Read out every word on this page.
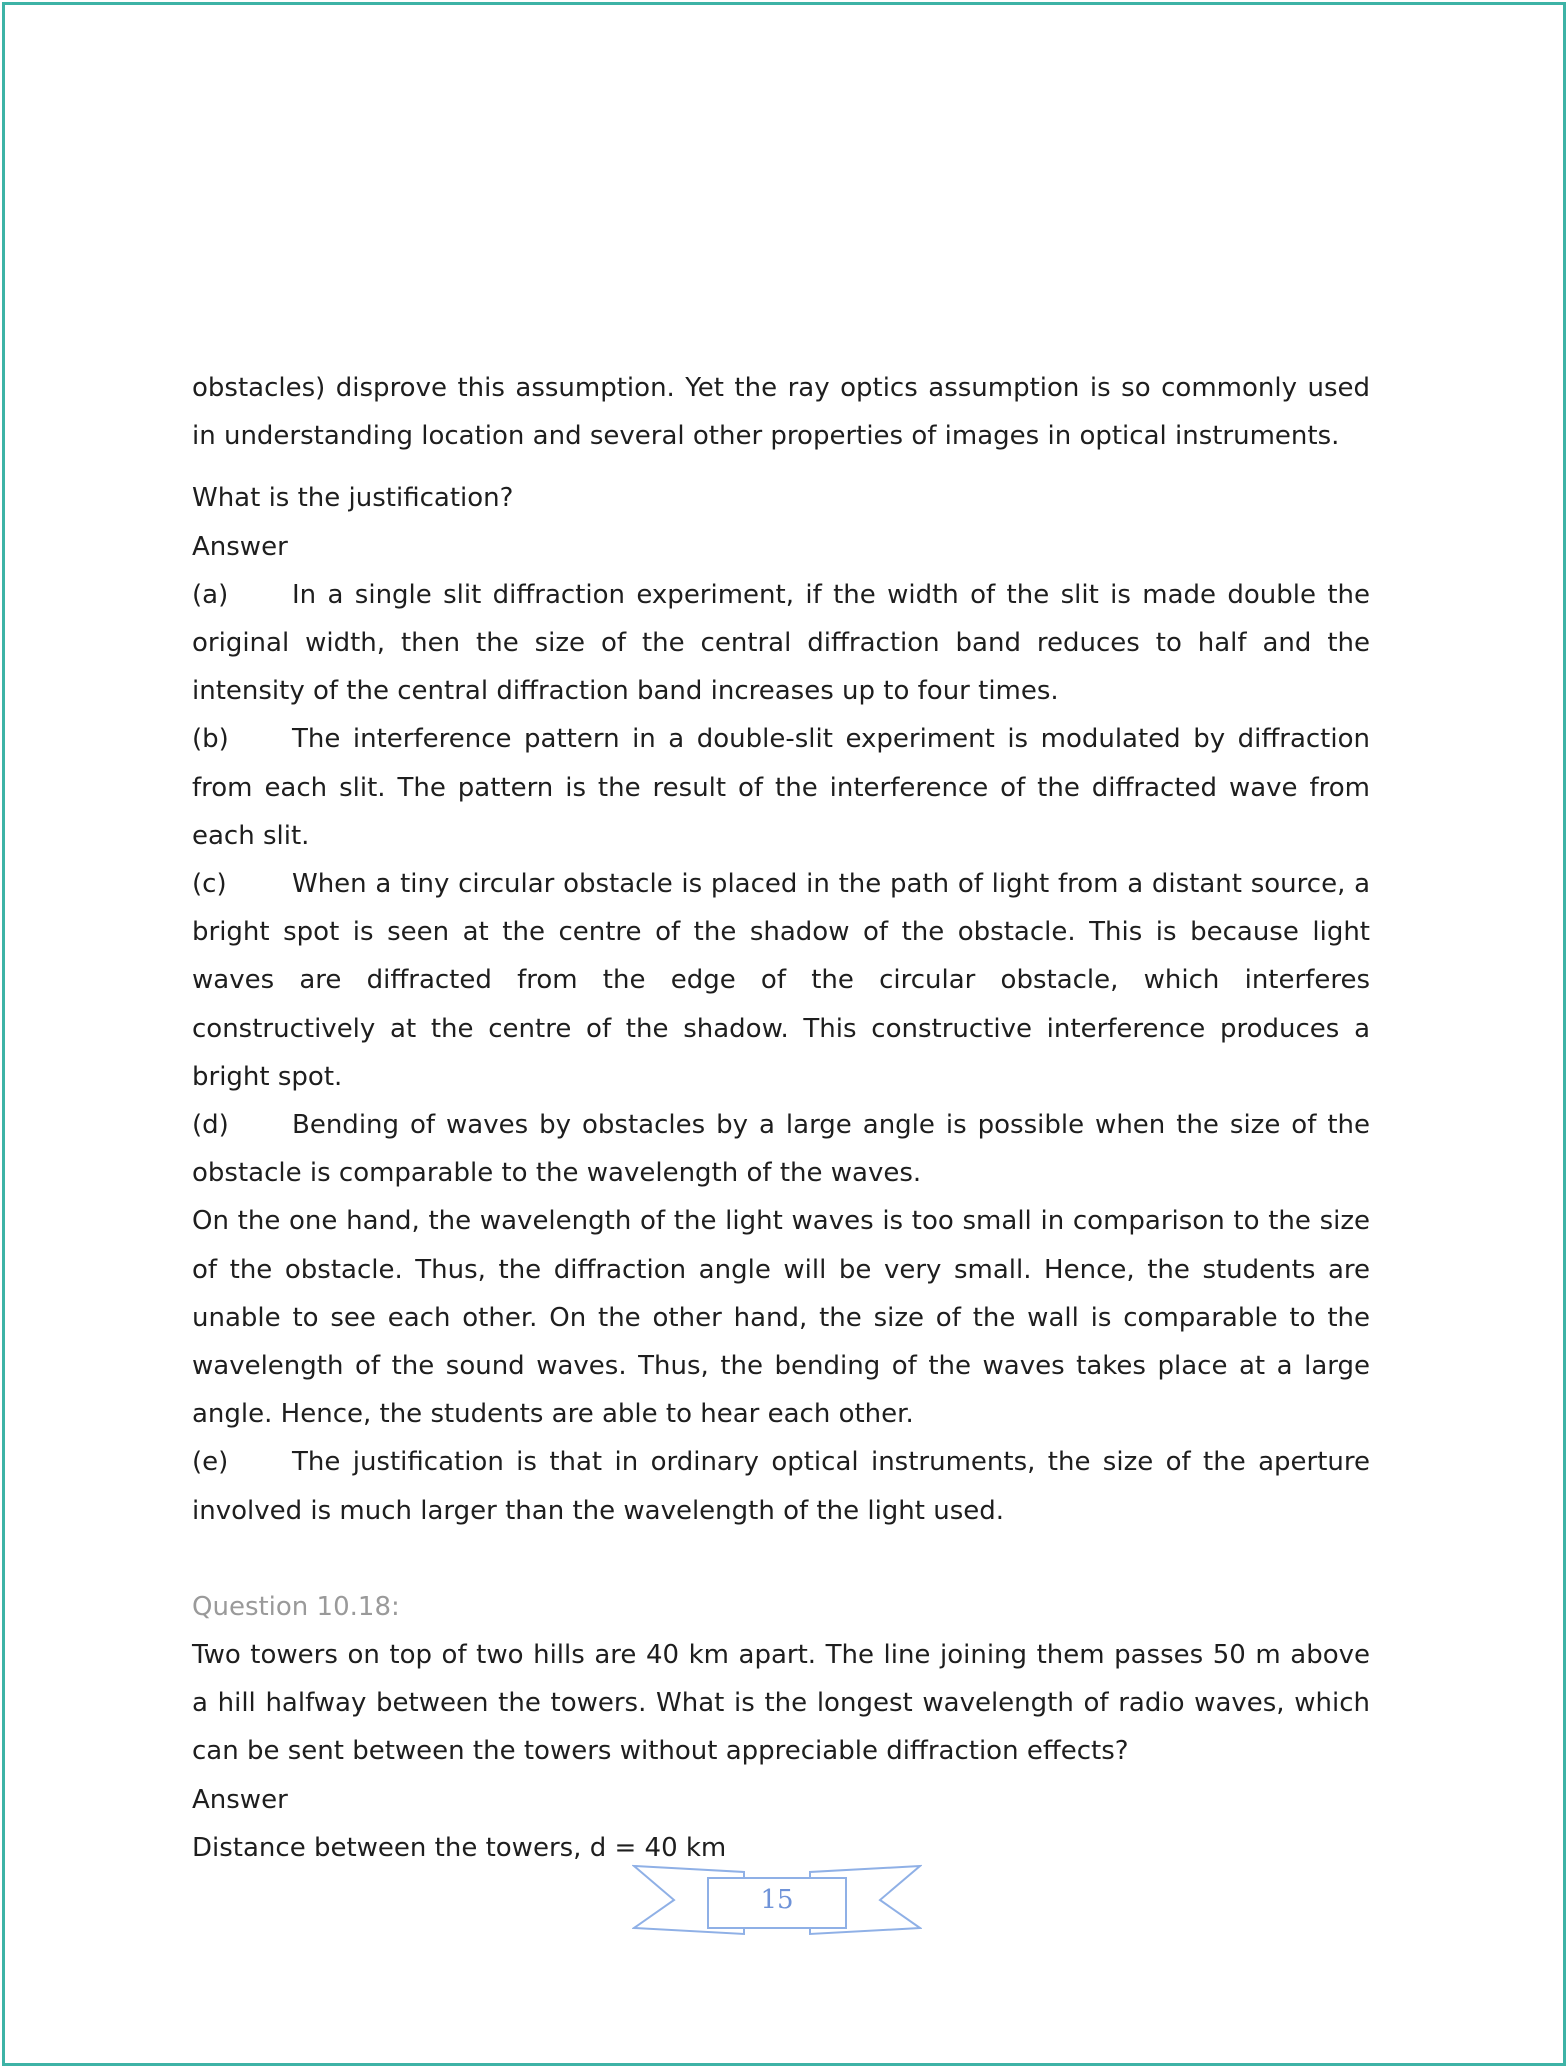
obstacles) disprove this assumption. Yet the ray optics assumption is so commonly used in understanding location and several other properties of images in optical instruments.

What is the justification?

Answer

(a) In a single slit diffraction experiment, if the width of the slit is made double the original width, then the size of the central diffraction band reduces to half and the intensity of the central diffraction band increases up to four times.

(b) The interference pattern in a double-slit experiment is modulated by diffraction from each slit. The pattern is the result of the interference of the diffracted wave from each slit.

(c)	When a tiny circular obstacle is placed in the path of light from a distant source, a bright spot is seen at the centre of the shadow of the obstacle. This is because light waves are diffracted from the edge of the circular obstacle, which interferes constructively at the centre of the shadow. This constructive interference produces a bright spot.

(d) Bending of waves by obstacles by a large angle is possible when the size of the obstacle is comparable to the wavelength of the waves.

On the one hand, the wavelength of the light waves is too small in comparison to the size of the obstacle. Thus, the diffraction angle will be very small. Hence, the students are unable to see each other. On the other hand, the size of the wall is comparable to the wavelength of the sound waves. Thus, the bending of the waves takes place at a large angle. Hence, the students are able to hear each other.

(e) The justification is that in ordinary optical instruments, the size of the aperture involved is much larger than the wavelength of the light used.

Question 10.18:

Two towers on top of two hills are 40 km apart. The line joining them passes 50 m above a hill halfway between the towers. What is the longest wavelength of radio waves, which can be sent between the towers without appreciable diffraction effects?

Answer

Distance between the towers, d = 40 km

15
